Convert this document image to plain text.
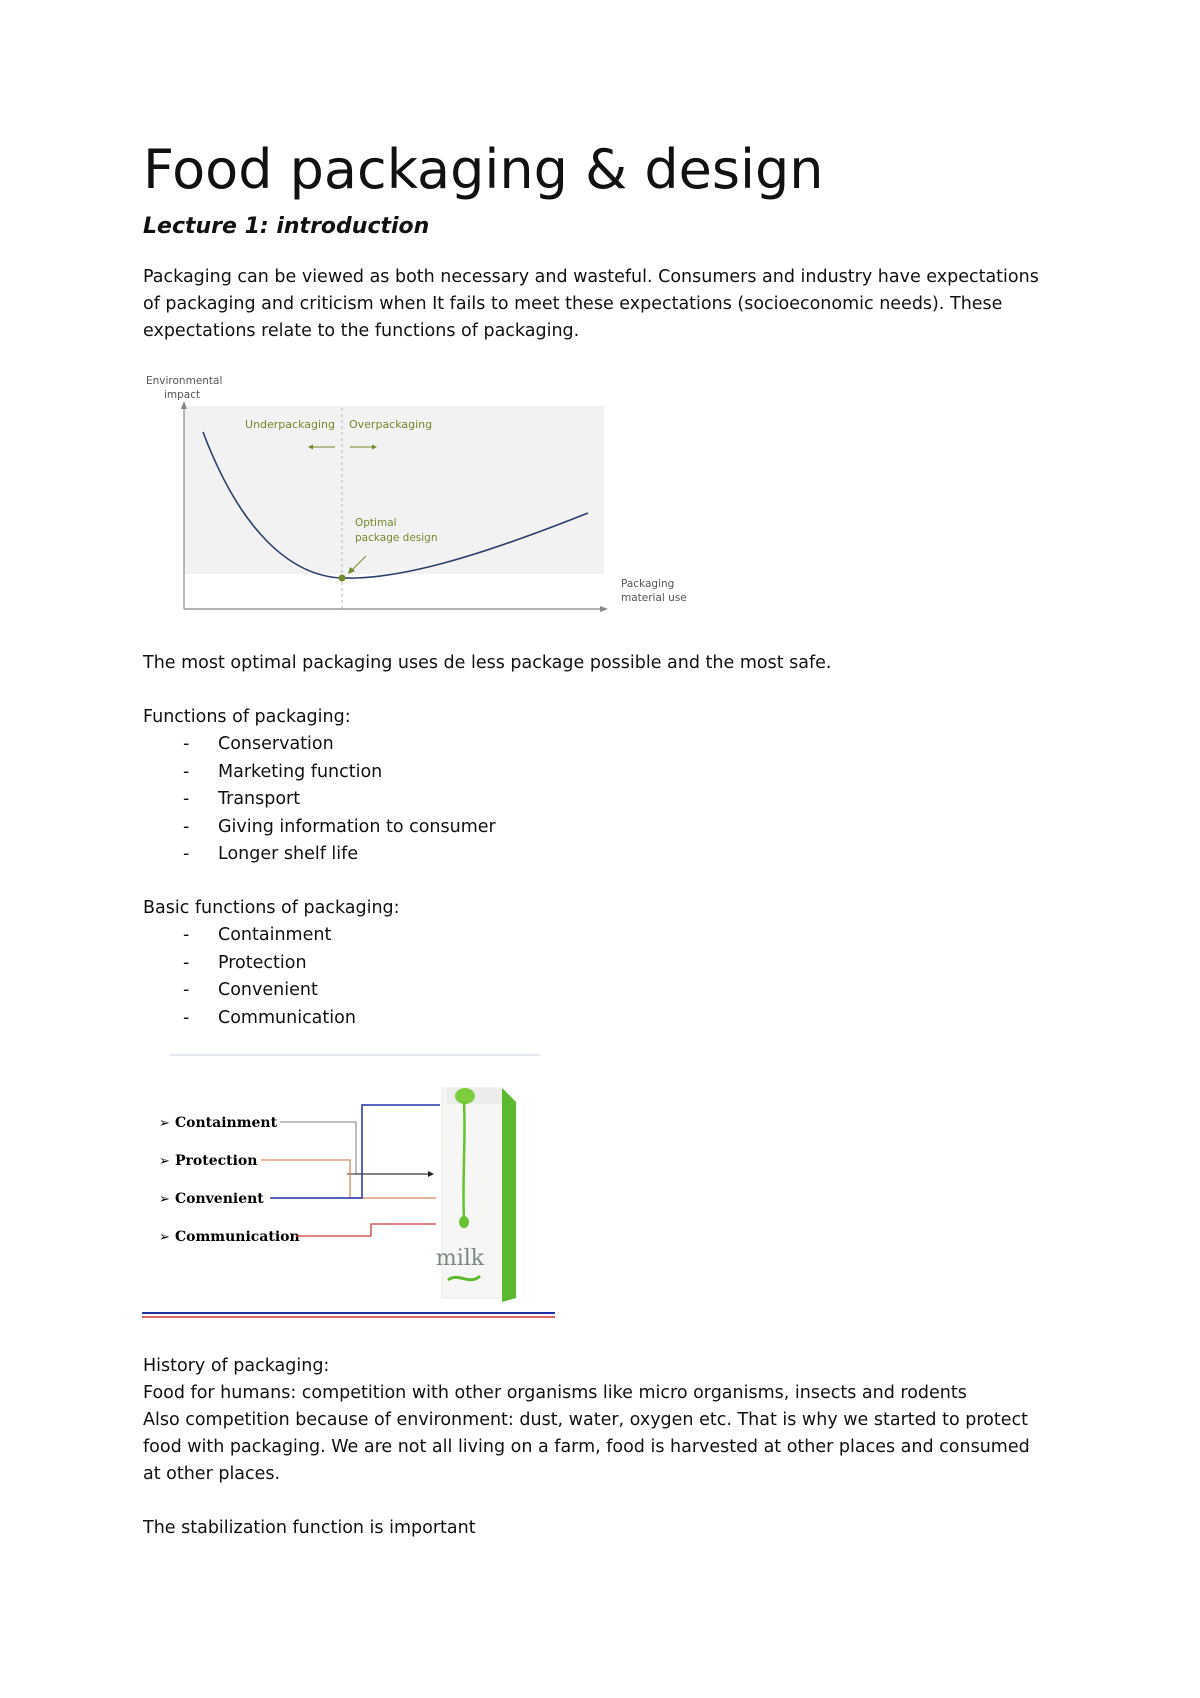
Food packaging & design
Lecture 1: introduction

Packaging can be viewed as both necessary and wasteful. Consumers and industry have expectations

of packaging and criticism when It fails to meet these expectations (socioeconomic needs). These

expectations relate to the functions of packaging.

Underpackaging Overpackaging
Optimal
package design
Environmental
impact
Packaging
material use

The most optimal packaging uses de less package possible and the most safe.

Functions of packaging:

- Conservation
- Marketing function
- Transport
- Giving information to consumer
- Longer shelf life

Basic functions of packaging:

- Containment
- Protection
- Convenient
- Communication
milk
➢ Containment
➢ Protection
➢ Convenient
➢ Communication

History of packaging:

Food for humans: competition with other organisms like micro organisms, insects and rodents

Also competition because of environment: dust, water, oxygen etc. That is why we started to protect

food with packaging. We are not all living on a farm, food is harvested at other places and consumed

at other places.

The stabilization function is important
